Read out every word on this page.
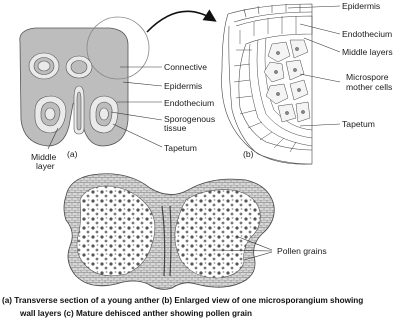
Connective
Epidermis
Endothecium
Sporogenous
tissue
Tapetum
Middle
layer
(a)
Epidermis
Endothecium
Middle layers
Microspore
mother cells
Tapetum
(b)
Pollen grains
(a) Transverse section of a young anther (b) Enlarged view of one microsporangium showing
wall layers (c) Mature dehisced anther showing pollen grain
